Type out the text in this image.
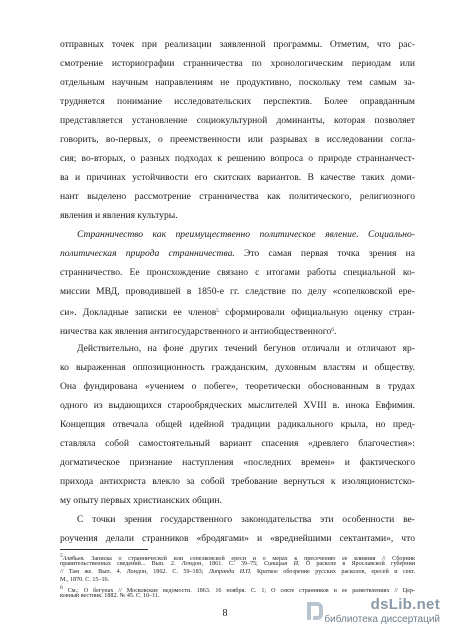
отправных точек при реализации заявленной программы. Отметим, что рас-
смотрение историографии странничества по хронологическим периодам или
отдельным научным направлениям не продуктивно, поскольку тем самым за-
трудняется понимание исследовательских перспектив. Более оправданным
представляется установление социокультурной доминанты, которая позволяет
говорить, во-первых, о преемственности или разрывах в исследовании согла-
сия; во-вторых, о разных подходах к решению вопроса о природе страннанчест-
ва и причинах устойчивости его скитских вариантов. В качестве таких доми-
нант выделено рассмотрение странничества как политического, религиозного
явления и явления культуры.
Странничество как преимущественно политическое явление. Социально-
политическая природа странничества. Это самая первая точка зрения на
странничество. Ее происхождение связано с итогами работы специальной ко-
миссии МВД, проводившей в 1850-е гг. следствие по делу «сопелковской ере-
си». Докладные записки ее членов$^5$ сформировали официальную оценку стран-
ничества как явления антигосударственного и антиобщественного$^6$.
Действительно, на фоне других течений бегунов отличали и отличают яр-
ко выраженная оппозиционность гражданским, духовным властям и обществу.
Она фундирована «учением о побеге», теоретически обоснованным в трудах
одного из выдающихся старообрядческих мыслителей XVIII в. инока Евфимия.
Концепция отвечала общей идейной традиции радикального крыла, но пред-
ставляла собой самостоятельный вариант спасения «древлего благочестия»:
догматическое признание наступления «последних времен» и фактического
прихода антихриста влекло за собой требование вернуться к изоляционистско-
му опыту первых христианских общин.
С точки зрения государственного законодательства эти особенности ве-
роучения делали странников «бродягами» и «вреднейшими сектантами», что
5Алябьев. Записка о страннической или сопелковской ереси и о мерах к пресечению ее влияния // Сборник
правительственных сведений... Вып. 2. Лондон, 1861. С. 39–75; Синицын И. О расколе в Ярославской губернии
// Там же. Вып. 4. Лондон, 1862. С. 59–183; Липранди И.П. Краткое обозрение русских расколов, ересей и сект.
М., 1870. С. 15–16.
6 См.: О бегунах // Московские ведомости. 1863. 16 ноября. С. 1; О секте странников и ее разветвлениях // Цер-
ковный вестник. 1882. № 45. С. 10–11.
8
dsLib.net
библиотека диссертаций
